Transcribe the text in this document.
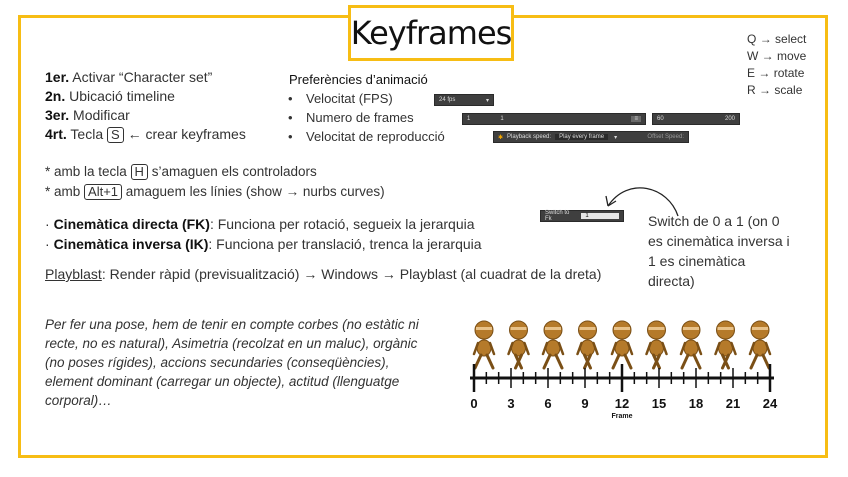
Keyframes	Q → select
W → move
E → rotate
R → scale
1er. Activar “Character set”
2n. Ubicació timeline
3er. Modificar
4rt. Tecla S ← crear keyframes
Preferències d’animació
• Velocitat (FPS)
• Numero de frames
• Velocitat de reproducció
24 fps	▾
1	1	≡	60	200
✱ Playback speed:	Play every frame	▾	Offset Speed:
* amb la tecla H s’amaguen els controladors
* amb Alt+1 amaguem les línies (show → nurbs curves)
· Cinemàtica directa (FK): Funciona per rotació, segueix la jerarquia
· Cinemàtica inversa (IK): Funciona per translació, trenca la jerarquia
Switch to Fk	1	Switch de 0 a 1 (on 0
es cinemàtica inversa i
1 es cinemàtica
directa)
Playblast: Render ràpid (previsualització) → Windows → Playblast (al cuadrat de la dreta)
Per fer una pose, hem de tenir en compte corbes (no estàtic ni recte, no es natural), Asimetria (recolzat en un maluc), orgànic (no poses rígides), accions secundaries (conseqüències), element dominant (carregar un objecte), actitud (llenguatge corporal)…	0 3 6 9 12 15 18 21 24
Frame
